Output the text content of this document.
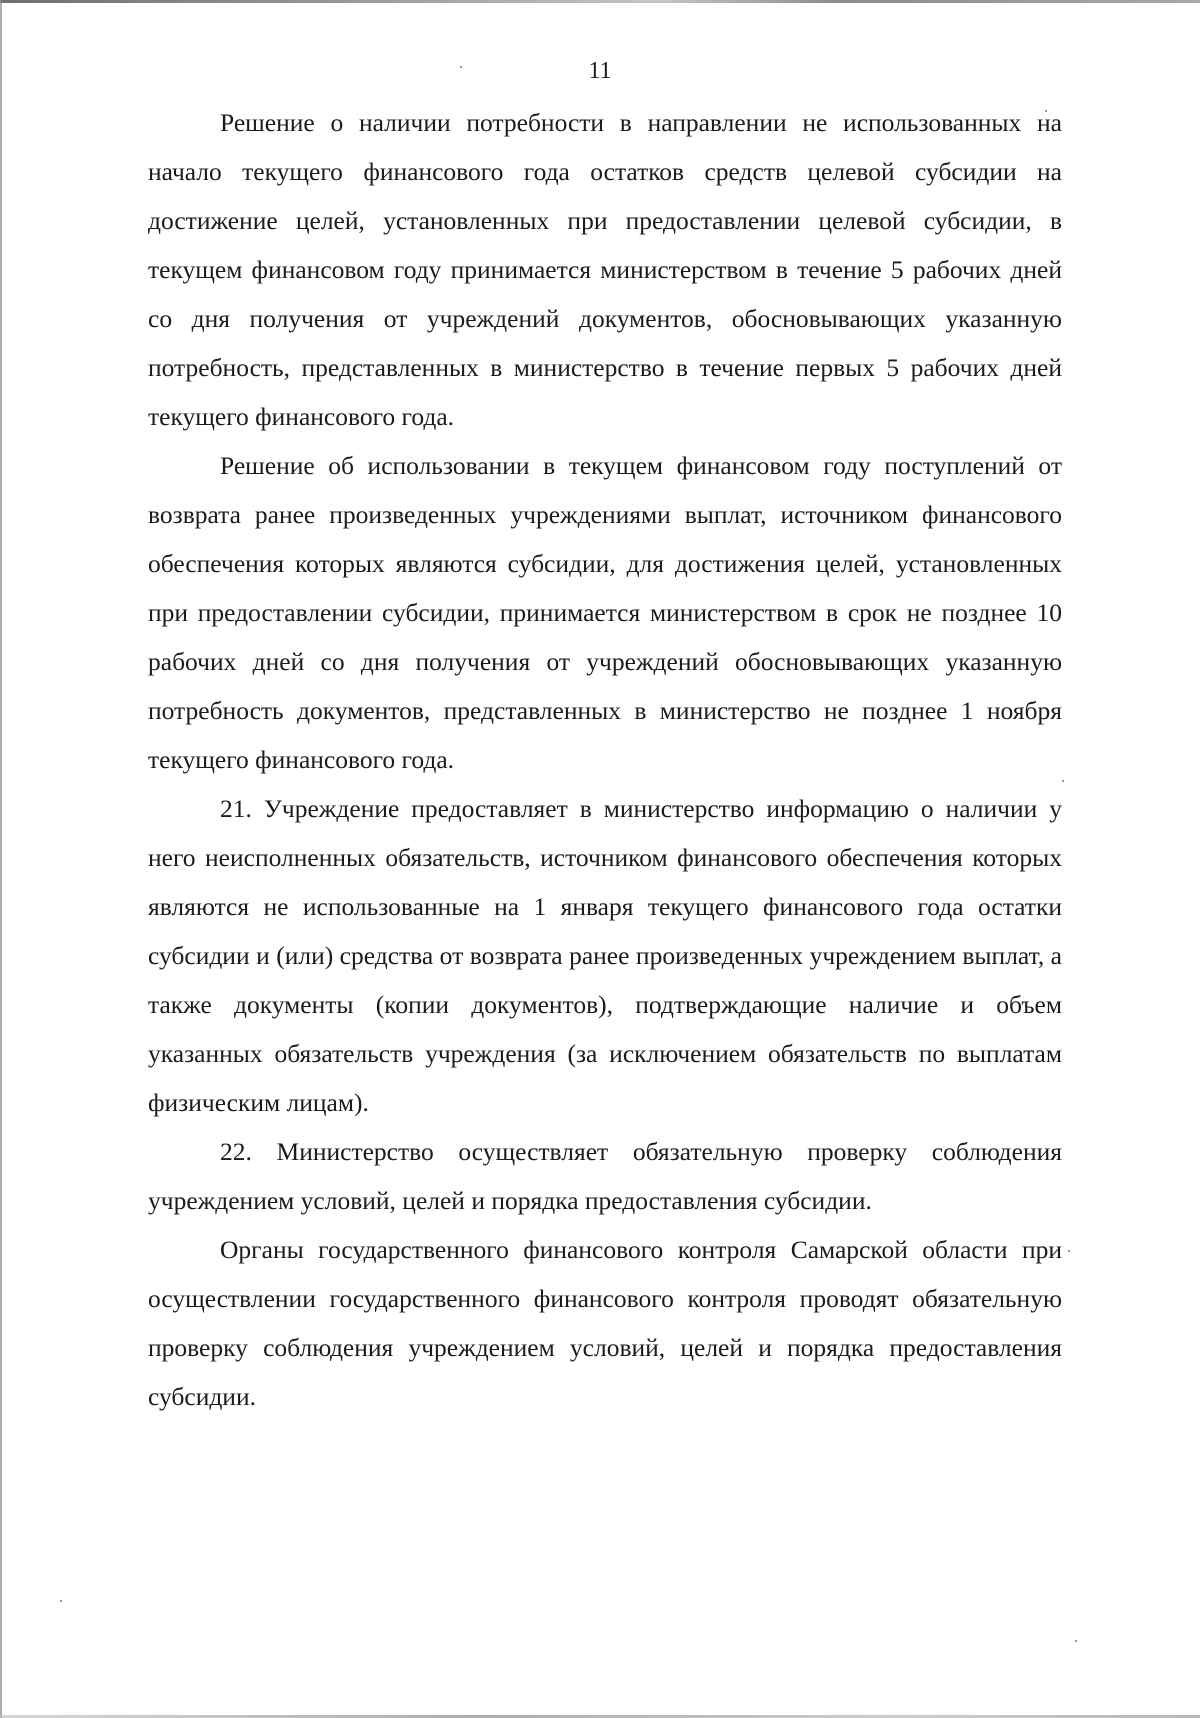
11

Решение о наличии потребности в направлении не использованных на начало текущего финансового года остатков средств целевой субсидии на достижение целей, установленных при предоставлении целевой субсидии, в текущем финансовом году принимается министерством в течение 5 рабочих дней со дня получения от учреждений документов, обосновывающих указанную потребность, представленных в министерство в течение первых 5 рабочих дней текущего финансового года.

Решение об использовании в текущем финансовом году поступлений от возврата ранее произведенных учреждениями выплат, источником финансового обеспечения которых являются субсидии, для достижения целей, установленных при предоставлении субсидии, принимается министерством в срок не позднее 10 рабочих дней со дня получения от учреждений обосновывающих указанную потребность документов, представленных в министерство не позднее 1 ноября текущего финансового года.

21. Учреждение предоставляет в министерство информацию о наличии у него неисполненных обязательств, источником финансового обеспечения которых являются не использованные на 1 января текущего финансового года остатки субсидии и (или) средства от возврата ранее произведенных учреждением выплат, а также документы (копии документов), подтверждающие наличие и объем указанных обязательств учреждения (за исключением обязательств по выплатам физическим лицам).

22. Министерство осуществляет обязательную проверку соблюдения учреждением условий, целей и порядка предоставления субсидии.

Органы государственного финансового контроля Самарской области при осуществлении государственного финансового контроля проводят обязательную проверку соблюдения учреждением условий, целей и порядка предоставления субсидии.
